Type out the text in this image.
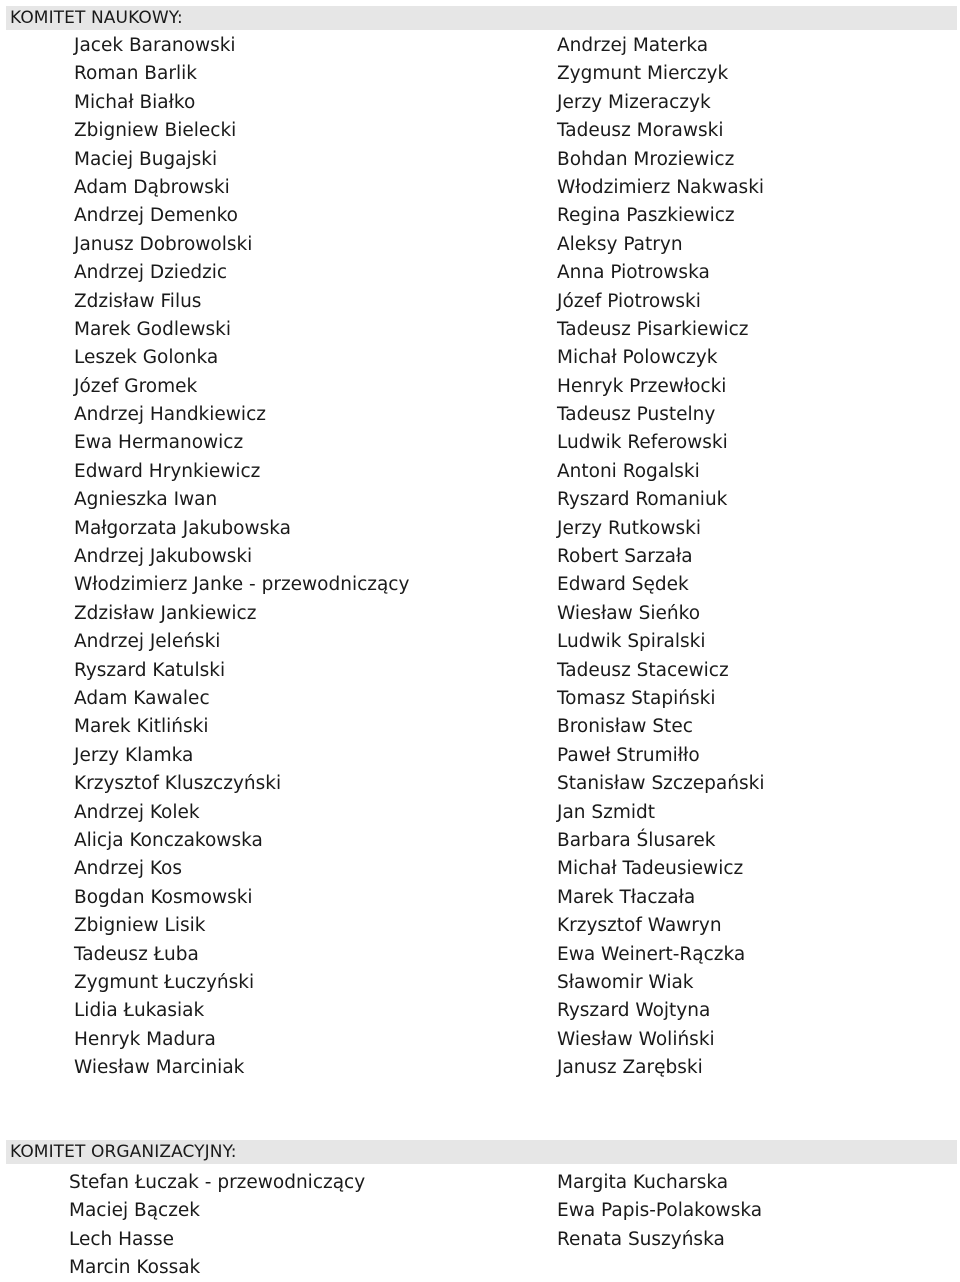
KOMITET NAUKOWY:
Jacek Baranowski
Roman Barlik
Michał Białko
Zbigniew Bielecki
Maciej Bugajski
Adam Dąbrowski
Andrzej Demenko
Janusz Dobrowolski
Andrzej Dziedzic
Zdzisław Filus
Marek Godlewski
Leszek Golonka
Józef Gromek
Andrzej Handkiewicz
Ewa Hermanowicz
Edward Hrynkiewicz
Agnieszka Iwan
Małgorzata Jakubowska
Andrzej Jakubowski
Włodzimierz Janke - przewodniczący
Zdzisław Jankiewicz
Andrzej Jeleński
Ryszard Katulski
Adam Kawalec
Marek Kitliński
Jerzy Klamka
Krzysztof Kluszczyński
Andrzej Kolek
Alicja Konczakowska
Andrzej Kos
Bogdan Kosmowski
Zbigniew Lisik
Tadeusz Łuba
Zygmunt Łuczyński
Lidia Łukasiak
Henryk Madura
Wiesław Marciniak
Andrzej Materka
Zygmunt Mierczyk
Jerzy Mizeraczyk
Tadeusz Morawski
Bohdan Mroziewicz
Włodzimierz Nakwaski
Regina Paszkiewicz
Aleksy Patryn
Anna Piotrowska
Józef Piotrowski
Tadeusz Pisarkiewicz
Michał Polowczyk
Henryk Przewłocki
Tadeusz Pustelny
Ludwik Referowski
Antoni Rogalski
Ryszard Romaniuk
Jerzy Rutkowski
Robert Sarzała
Edward Sędek
Wiesław Sieńko
Ludwik Spiralski
Tadeusz Stacewicz
Tomasz Stapiński
Bronisław Stec
Paweł Strumiłło
Stanisław Szczepański
Jan Szmidt
Barbara Ślusarek
Michał Tadeusiewicz
Marek Tłaczała
Krzysztof Wawryn
Ewa Weinert-Rączka
Sławomir Wiak
Ryszard Wojtyna
Wiesław Woliński
Janusz Zarębski
KOMITET ORGANIZACYJNY:
Stefan Łuczak - przewodniczący
Maciej Bączek
Lech Hasse
Marcin Kossak
Margita Kucharska
Ewa Papis-Polakowska
Renata Suszyńska
